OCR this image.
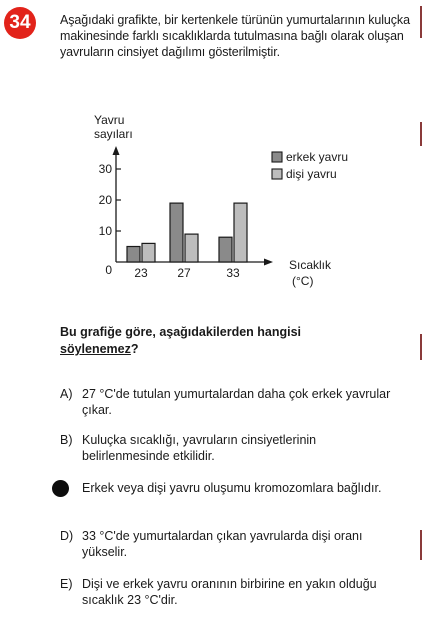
34	Aşağıdaki grafikte, bir kertenkele türünün yumurtalarının kuluçka makinesinde farklı sıcaklıklarda tutulmasına bağlı olarak oluşan yavruların cinsiyet dağılımı gösterilmiştir.
Yavru
sayıları
Sıcaklık
(°C)
0
10
20
30
23 27	33
erkek yavru
dişi yavru
Bu grafiğe göre, aşağıdakilerden hangisi
söylenemez?
A) 27 °C'de tutulan yumurtalardan daha çok erkek yavrular çıkar.
B) Kuluçka sıcaklığı, yavruların cinsiyetlerinin belirlenmesinde etkilidir.
Erkek veya dişi yavru oluşumu kromozomlara bağlıdır.
D) 33 °C'de yumurtalardan çıkan yavrularda dişi oranı yükselir.
E) Dişi ve erkek yavru oranının birbirine en yakın olduğu sıcaklık 23 °C'dir.
